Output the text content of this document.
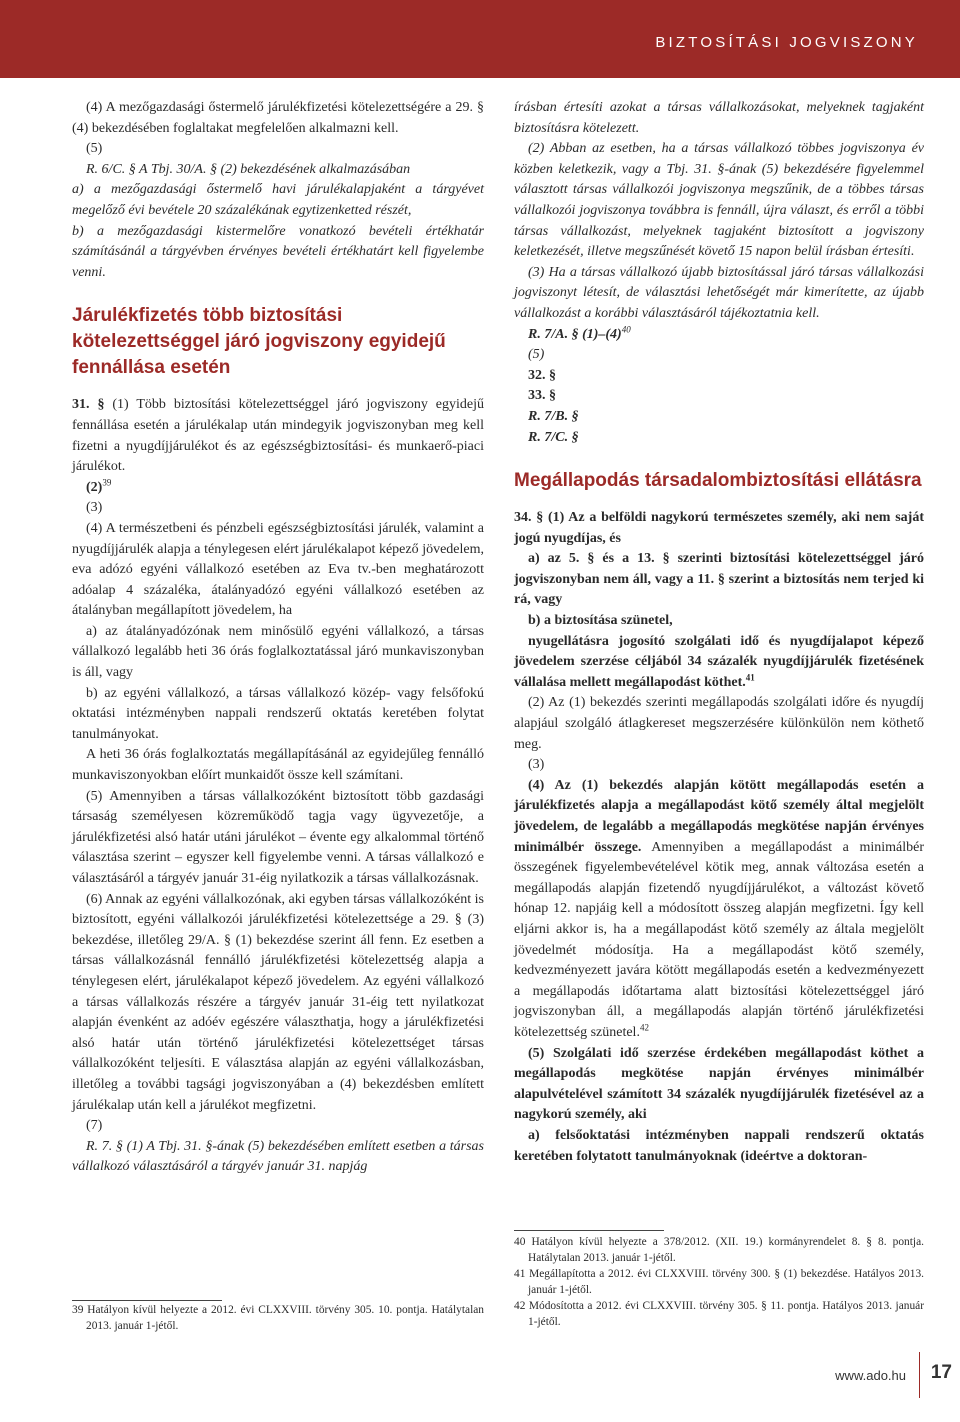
BIZTOSÍTÁSI JOGVISZONY

(4) A mezőgazdasági őstermelő járulékfizetési kötelezettségére a 29. § (4) bekezdésében foglaltakat megfelelően alkalmazni kell.

(5)

R. 6/C. § A Tbj. 30/A. § (2) bekezdésének alkalmazásában

a) a mezőgazdasági őstermelő havi járulékalapjaként a tárgyévet megelőző évi bevétele 20 százalékának egytizenketted részét,

b) a mezőgazdasági kistermelőre vonatkozó bevételi értékhatár számításánál a tárgyévben érvényes bevételi értékhatárt kell figyelembe venni.

Járulékfizetés több biztosítási kötelezettséggel járó jogviszony egyidejű fennállása esetén

31. § (1) Több biztosítási kötelezettséggel járó jogviszony egyidejű fennállása esetén a járulékalap után mindegyik jogviszonyban meg kell fizetni a nyugdíjjárulékot és az egészségbiztosítási- és munkaerő-piaci járulékot.

$(2)^{39}$

(3)

(4) A természetbeni és pénzbeli egészségbiztosítási járulék, valamint a nyugdíjjárulék alapja a ténylegesen elért járulékalapot képező jövedelem, eva adózó egyéni vállalkozó esetében az Eva tv.-ben meghatározott adóalap 4 százaléka, átalányadózó egyéni vállalkozó esetében az átalányban megállapított jövedelem, ha

a) az átalányadózónak nem minősülő egyéni vállalkozó, a társas vállalkozó legalább heti 36 órás foglalkoztatással járó munkaviszonyban is áll, vagy

b) az egyéni vállalkozó, a társas vállalkozó közép- vagy felsőfokú oktatási intézményben nappali rendszerű oktatás keretében folytat tanulmányokat.

A heti 36 órás foglalkoztatás megállapításánál az egyidejűleg fennálló munkaviszonyokban előírt munkaidőt össze kell számítani.

(5) Amennyiben a társas vállalkozóként biztosított több gazdasági társaság személyesen közreműködő tagja vagy ügyvezetője, a járulékfizetési alsó határ utáni járulékot – évente egy alkalommal történő választása szerint – egyszer kell figyelembe venni. A társas vállalkozó e választásáról a tárgyév január 31-éig nyilatkozik a társas vállalkozásnak.

(6) Annak az egyéni vállalkozónak, aki egyben társas vállalkozóként is biztosított, egyéni vállalkozói járulékfizetési kötelezettsége a 29. § (3) bekezdése, illetőleg 29/A. § (1) bekezdése szerint áll fenn. Ez esetben a társas vállalkozásnál fennálló járulékfizetési kötelezettség alapja a ténylegesen elért, járulékalapot képező jövedelem. Az egyéni vállalkozó a társas vállalkozás részére a tárgyév január 31-éig tett nyilatkozat alapján évenként az adóév egészére választhatja, hogy a járulékfizetési alsó határ után történő járulékfizetési kötelezettséget társas vállalkozóként teljesíti. E választása alapján az egyéni vállalkozásban, illetőleg a további tagsági jogviszonyában a (4) bekezdésben említett járulékalap után kell a járulékot megfizetni.

(7)

R. 7. § (1) A Tbj. 31. §-ának (5) bekezdésében említett esetben a társas vállalkozó választásáról a tárgyév január 31. napjág

39 Hatályon kívül helyezte a 2012. évi CLXXVIII. törvény 305. 10. pontja. Hatálytalan 2013. január 1-jétől.

írásban értesíti azokat a társas vállalkozásokat, melyeknek tagjaként biztosításra kötelezett.

(2) Abban az esetben, ha a társas vállalkozó többes jogviszonya év közben keletkezik, vagy a Tbj. 31. §-ának (5) bekezdésére figyelemmel választott társas vállalkozói jogviszonya megszűnik, de a többes társas vállalkozói jogviszonya továbbra is fennáll, újra választ, és erről a többi társas vállalkozást, melyeknek tagjaként biztosított a jogviszony keletkezését, illetve megszűnését követő 15 napon belül írásban értesíti.

(3) Ha a társas vállalkozó újabb biztosítással járó társas vállalkozási jogviszonyt létesít, de választási lehetőségét már kimerítette, az újabb vállalkozást a korábbi választásáról tájékoztatnia kell.

R. 7/A. § $(1)-(4)^{40}$

(5)

32. §

33. §

R. 7/B. §

R. 7/C. §

Megállapodás társadalombiztosítási ellátásra

34. § (1) Az a belföldi nagykorú természetes személy, aki nem saját jogú nyugdíjas, és

a) az 5. § és a 13. § szerinti biztosítási kötelezettséggel járó jogviszonyban nem áll, vagy a 11. § szerint a biztosítás nem terjed ki rá, vagy

b) a biztosítása szünetel,

nyugellátásra jogosító szolgálati idő és nyugdíjalapot képező jövedelem szerzése céljából 34 százalék nyugdíjjárulék fizetésének vállalása mellett megállapodást köthet.$^{41}$

(2) Az (1) bekezdés szerinti megállapodás szolgálati időre és nyugdíj alapjául szolgáló átlagkereset megszerzésére különkülön nem köthető meg.

(3)

(4) Az (1) bekezdés alapján kötött megállapodás esetén a járulékfizetés alapja a megállapodást kötő személy által megjelölt jövedelem, de legalább a megállapodás megkötése napján érvényes minimálbér összege. Amennyiben a megállapodást a minimálbér összegének figyelembevételével kötik meg, annak változása esetén a megállapodás alapján fizetendő nyugdíjjárulékot, a változást követő hónap 12. napjáig kell a módosított összeg alapján megfizetni. Így kell eljárni akkor is, ha a megállapodást kötő személy az általa megjelölt jövedelmét módosítja. Ha a megállapodást kötő személy, kedvezményezett javára kötött megállapodás esetén a kedvezményezett a megállapodás időtartama alatt biztosítási kötelezettséggel járó jogviszonyban áll, a megállapodás alapján történő járulékfizetési kötelezettség szünetel.$^{42}$

(5) Szolgálati idő szerzése érdekében megállapodást köthet a megállapodás megkötése napján érvényes minimálbér alapulvételével számított 34 százalék nyugdíjjárulék fizetésével az a nagykorú személy, aki

a) felsőoktatási intézményben nappali rendszerű oktatás keretében folytatott tanulmányoknak (ideértve a doktoran-

40 Hatályon kívül helyezte a 378/2012. (XII. 19.) kormányrendelet 8. § 8. pontja. Hatálytalan 2013. január 1-jétől.

41 Megállapította a 2012. évi CLXXVIII. törvény 300. § (1) bekezdése. Hatályos 2013. január 1-jétől.

42 Módosította a 2012. évi CLXXVIII. törvény 305. § 11. pontja. Hatályos 2013. január 1-jétől.

www.ado.hu 17
